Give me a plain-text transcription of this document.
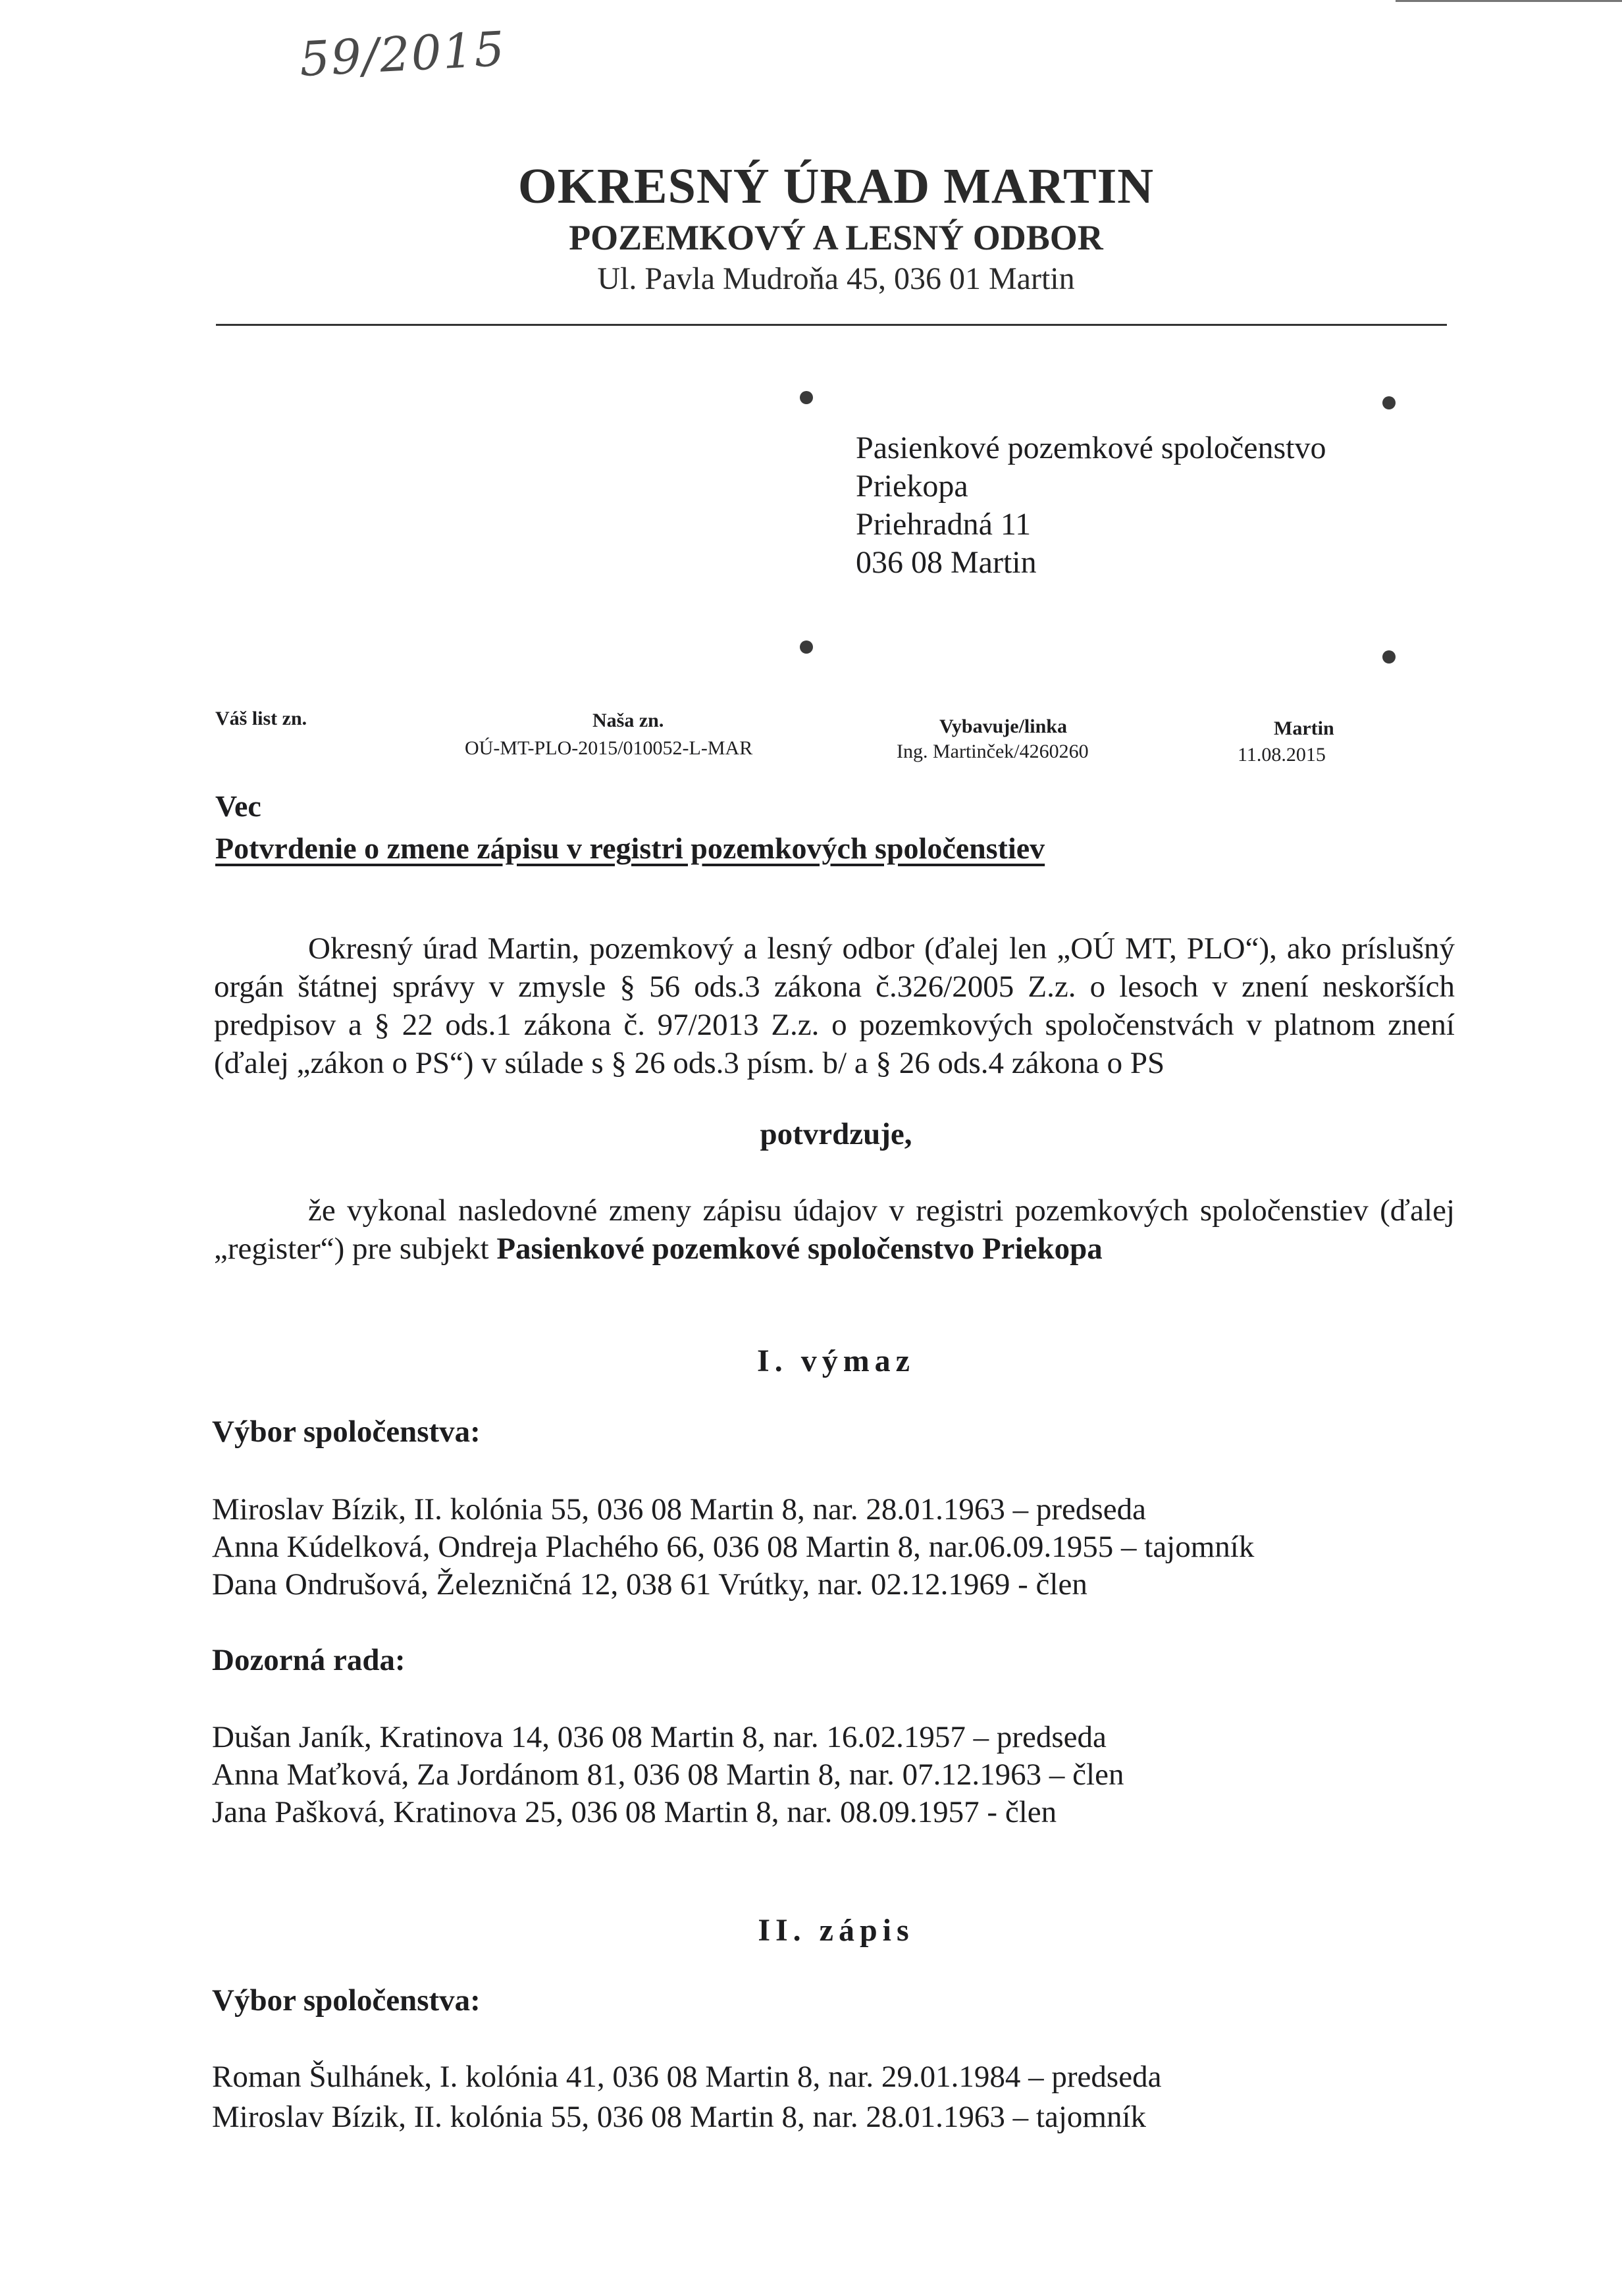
59/2015
OKRESNÝ ÚRAD MARTIN
POZEMKOVÝ A LESNÝ ODBOR
Ul. Pavla Mudroňa 45, 036 01 Martin
Pasienkové pozemkové spoločenstvo
Priekopa
Priehradná 11
036 08 Martin
Váš list zn.	Naša zn.
OÚ-MT-PLO-2015/010052-L-MAR
Vybavuje/linka
Ing. Martinček/4260260
Martin
11.08.2015
Vec
Potvrdenie o zmene zápisu v registri pozemkových spoločenstiev
Okresný úrad Martin, pozemkový a lesný odbor (ďalej len „OÚ MT, PLO“), ako príslušný orgán štátnej správy v zmysle § 56 ods.3 zákona č.326/2005 Z.z. o lesoch v znení neskorších predpisov a § 22 ods.1 zákona č. 97/2013 Z.z. o pozemkových spoločenstvách v platnom znení (ďalej „zákon o PS“) v súlade s § 26 ods.3 písm. b/ a § 26 ods.4 zákona o PS
potvrdzuje,
že vykonal nasledovné zmeny zápisu údajov v registri pozemkových spoločenstiev (ďalej „register“) pre subjekt Pasienkové pozemkové spoločenstvo Priekopa
I. výmaz
Výbor spoločenstva:
Miroslav Bízik, II. kolónia 55, 036 08 Martin 8, nar. 28.01.1963 – predseda
Anna Kúdelková, Ondreja Plachého 66, 036 08 Martin 8, nar.06.09.1955 – tajomník
Dana Ondrušová, Železničná 12, 038 61 Vrútky, nar. 02.12.1969 - člen
Dozorná rada:
Dušan Janík, Kratinova 14, 036 08 Martin 8, nar. 16.02.1957 – predseda
Anna Maťková, Za Jordánom 81, 036 08 Martin 8, nar. 07.12.1963 – člen
Jana Pašková, Kratinova 25, 036 08 Martin 8, nar. 08.09.1957 - člen
II. zápis
Výbor spoločenstva:
Roman Šulhánek, I. kolónia 41, 036 08 Martin 8, nar. 29.01.1984 – predseda
Miroslav Bízik, II. kolónia 55, 036 08 Martin 8, nar. 28.01.1963 – tajomník
